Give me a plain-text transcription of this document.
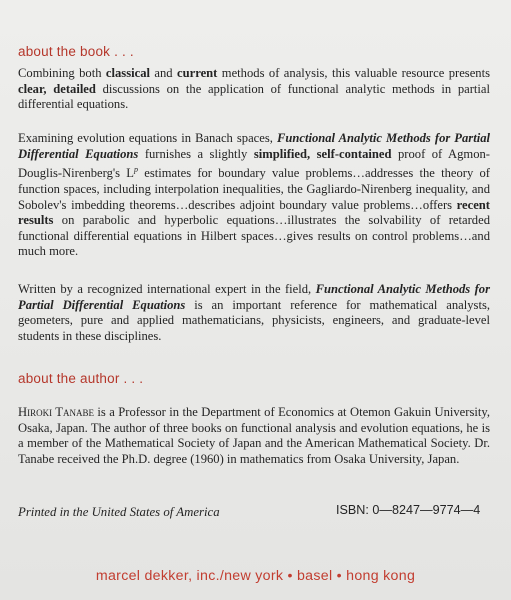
about the book . . .
Combining both classical and current methods of analysis, this valuable resource presents clear, detailed discussions on the application of functional analytic methods in partial differential equations.
Examining evolution equations in Banach spaces, Functional Analytic Methods for Partial Differential Equations furnishes a slightly simplified, self-contained proof of Agmon-Douglis-Nirenberg's $L^p$ estimates for boundary value problems…addresses the theory of function spaces, including interpolation inequalities, the Gagliardo-Nirenberg inequality, and Sobolev's imbedding theorems…describes adjoint boundary value problems…offers recent results on parabolic and hyperbolic equations…illustrates the solvability of retarded functional differential equations in Hilbert spaces…gives results on control problems…and much more.
Written by a recognized international expert in the field, Functional Analytic Methods for Partial Differential Equations is an important reference for mathematical analysts, geometers, pure and applied mathematicians, physicists, engineers, and graduate-level students in these disciplines.
about the author . . .
Hiroki Tanabe is a Professor in the Department of Economics at Otemon Gakuin University, Osaka, Japan. The author of three books on functional analysis and evolution equations, he is a member of the Mathematical Society of Japan and the American Mathematical Society. Dr. Tanabe received the Ph.D. degree (1960) in mathematics from Osaka University, Japan.
Printed in the United States of America	ISBN: 0—8247—9774—4
marcel dekker, inc./new york • basel • hong kong
